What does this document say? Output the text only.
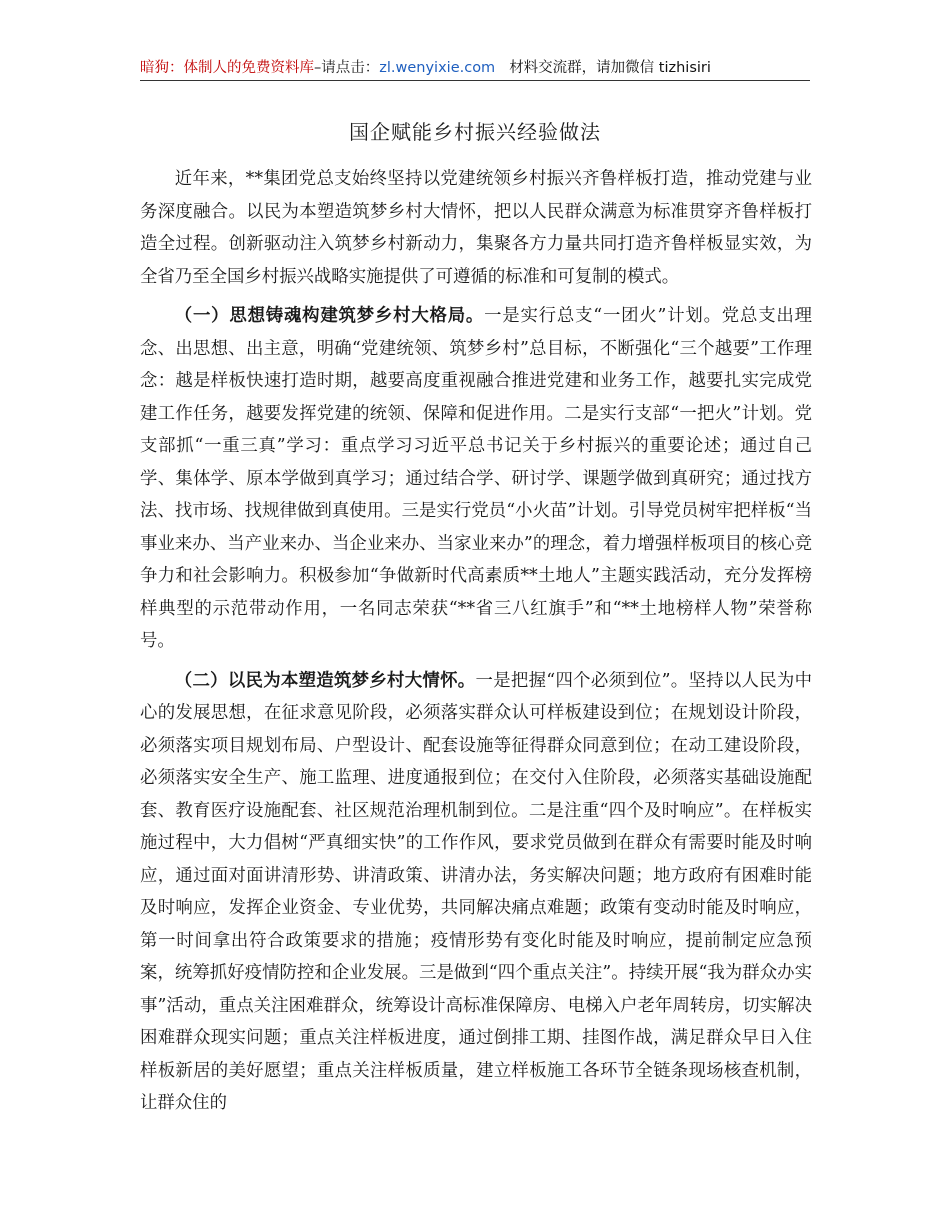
暗狗：体制人的免费资料库–请点击：zl.wenyixie.com 材料交流群，请加微信 tizhisiri
国企赋能乡村振兴经验做法

近年来，**集团党总支始终坚持以党建统领乡村振兴齐鲁样板打造，推动党建与业务深度融合。以民为本塑造筑梦乡村大情怀，把以人民群众满意为标准贯穿齐鲁样板打造全过程。创新驱动注入筑梦乡村新动力，集聚各方力量共同打造齐鲁样板显实效，为全省乃至全国乡村振兴战略实施提供了可遵循的标准和可复制的模式。

（一）思想铸魂构建筑梦乡村大格局。一是实行总支“一团火”计划。党总支出理念、出思想、出主意，明确“党建统领、筑梦乡村”总目标，不断强化“三个越要”工作理念：越是样板快速打造时期，越要高度重视融合推进党建和业务工作，越要扎实完成党建工作任务，越要发挥党建的统领、保障和促进作用。二是实行支部“一把火”计划。党支部抓“一重三真”学习：重点学习习近平总书记关于乡村振兴的重要论述；通过自己学、集体学、原本学做到真学习；通过结合学、研讨学、课题学做到真研究；通过找方法、找市场、找规律做到真使用。三是实行党员“小火苗”计划。引导党员树牢把样板“当事业来办、当产业来办、当企业来办、当家业来办”的理念，着力增强样板项目的核心竞争力和社会影响力。积极参加“争做新时代高素质**土地人”主题实践活动，充分发挥榜样典型的示范带动作用，一名同志荣获“**省三八红旗手”和“**土地榜样人物”荣誉称号。

（二）以民为本塑造筑梦乡村大情怀。一是把握“四个必须到位”。坚持以人民为中心的发展思想，在征求意见阶段，必须落实群众认可样板建设到位；在规划设计阶段，必须落实项目规划布局、户型设计、配套设施等征得群众同意到位；在动工建设阶段，必须落实安全生产、施工监理、进度通报到位；在交付入住阶段，必须落实基础设施配套、教育医疗设施配套、社区规范治理机制到位。二是注重“四个及时响应”。在样板实施过程中，大力倡树“严真细实快”的工作作风，要求党员做到在群众有需要时能及时响应，通过面对面讲清形势、讲清政策、讲清办法，务实解决问题；地方政府有困难时能及时响应，发挥企业资金、专业优势，共同解决痛点难题；政策有变动时能及时响应，第一时间拿出符合政策要求的措施；疫情形势有变化时能及时响应，提前制定应急预案，统筹抓好疫情防控和企业发展。三是做到“四个重点关注”。持续开展“我为群众办实事”活动，重点关注困难群众，统筹设计高标准保障房、电梯入户老年周转房，切实解决困难群众现实问题；重点关注样板进度，通过倒排工期、挂图作战，满足群众早日入住样板新居的美好愿望；重点关注样板质量，建立样板施工各环节全链条现场核查机制，让群众住的
